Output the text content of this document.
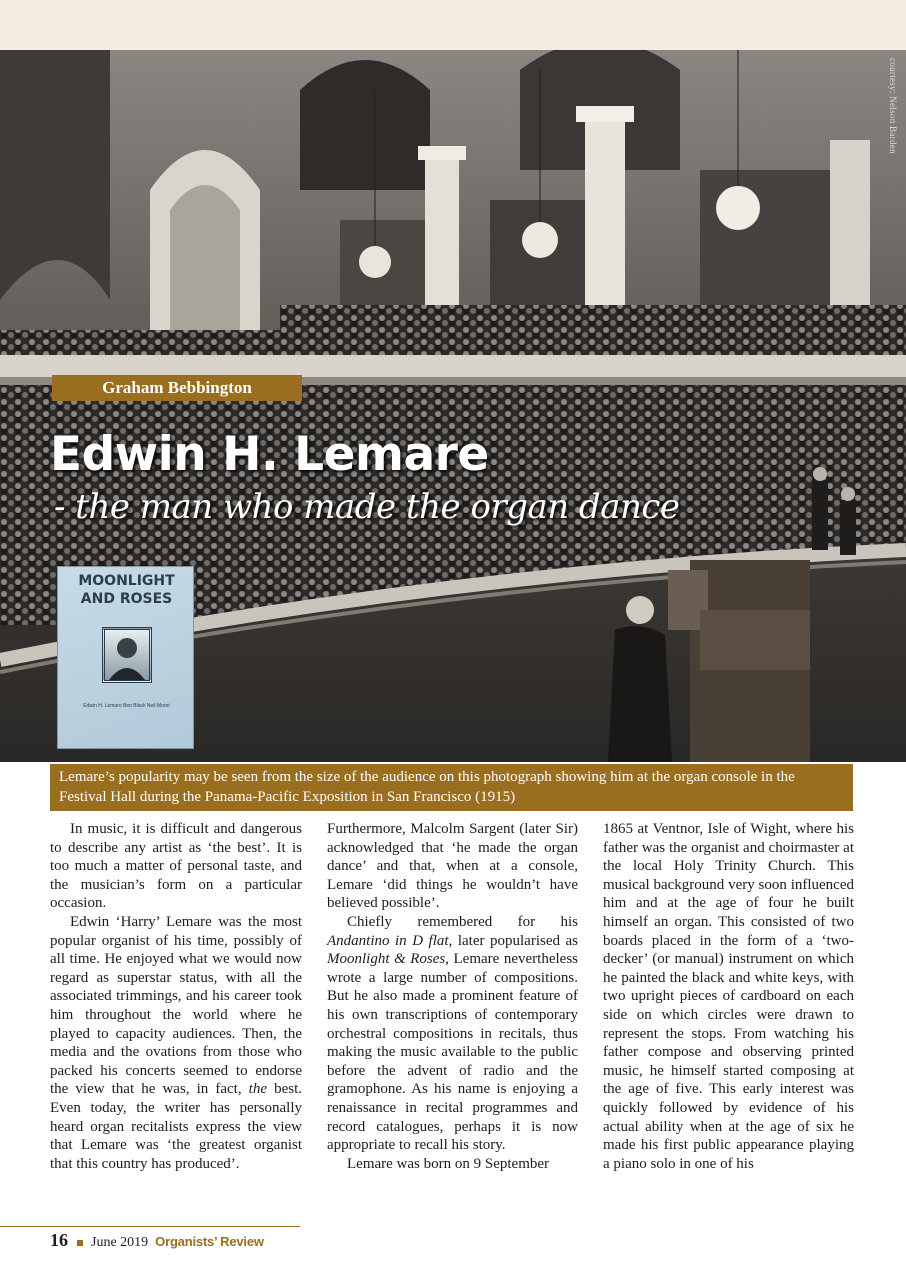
courtesy: Nelson Barden
Graham Bebbington
Edwin H. Lemare
- the man who made the organ dance
MOONLIGHT
AND ROSES
Edwin H. Lemare Ben Black Neil Moret
Lemare’s popularity may be seen from the size of the audience on this photograph showing him at the organ console in the Festival Hall during the Panama-Pacific Exposition in San Francisco (1915)

In music, it is difficult and dangerous to describe any artist as ‘the best’. It is too much a matter of personal taste, and the musician’s form on a particular occasion.

Edwin ‘Harry’ Lemare was the most popular organist of his time, possibly of all time. He enjoyed what we would now regard as superstar status, with all the associated trimmings, and his career took him throughout the world where he played to capacity audiences. Then, the media and the ovations from those who packed his concerts seemed to endorse the view that he was, in fact, the best. Even today, the writer has personally heard organ recitalists express the view that Lemare was ‘the greatest organist that this country has produced’.

Furthermore, Malcolm Sargent (later Sir) acknowledged that ‘he made the organ dance’ and that, when at a console, Lemare ‘did things he wouldn’t have believed possible’.

Chiefly remembered for his Andantino in D flat, later popularised as Moonlight & Roses, Lemare nevertheless wrote a large number of compositions. But he also made a prominent feature of his own transcriptions of contemporary orchestral compositions in recitals, thus making the music available to the public before the advent of radio and the gramophone. As his name is enjoying a renaissance in recital programmes and record catalogues, perhaps it is now appropriate to recall his story.

Lemare was born on 9 September

1865 at Ventnor, Isle of Wight, where his father was the organist and choirmaster at the local Holy Trinity Church. This musical background very soon influenced him and at the age of four he built himself an organ. This consisted of two boards placed in the form of a ‘two-decker’ (or manual) instrument on which he painted the black and white keys, with two upright pieces of cardboard on each side on which circles were drawn to represent the stops. From watching his father compose and observing printed music, he himself started composing at the age of five. This early interest was quickly followed by evidence of his actual ability when at the age of six he made his first public appearance playing a piano solo in one of his

16 June 2019 Organists’ Review
